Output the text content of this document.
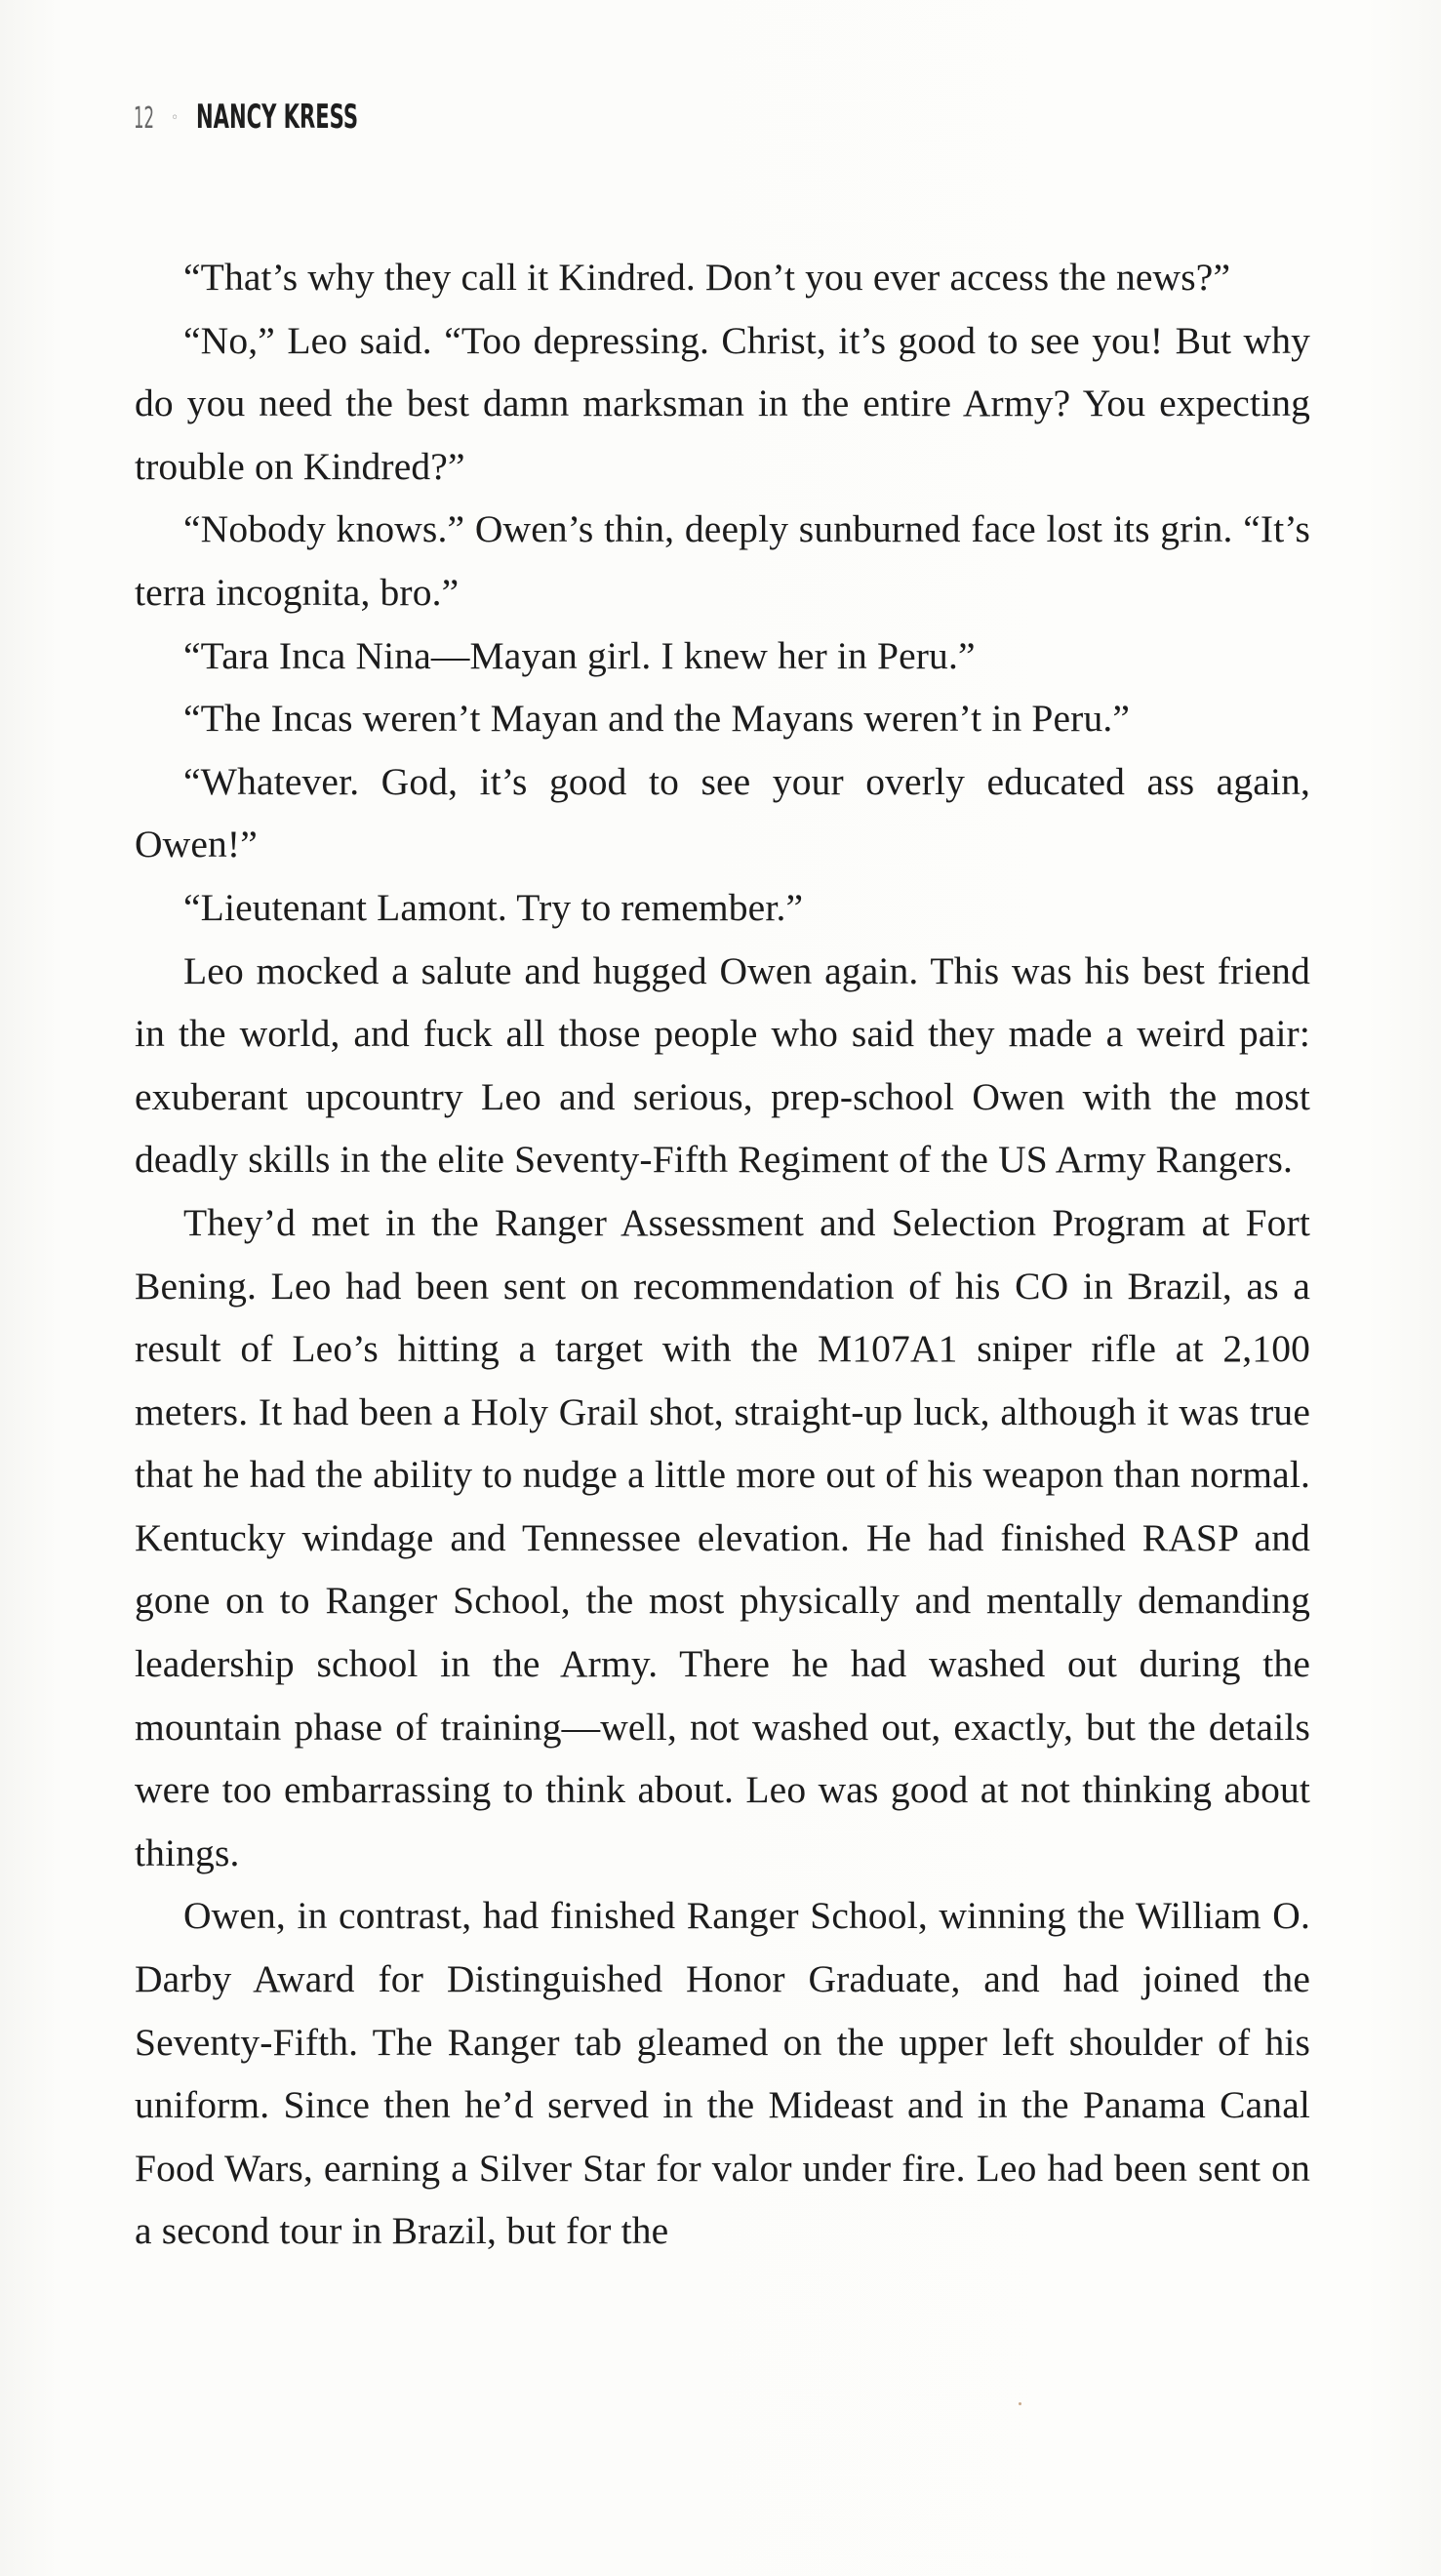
12 ◦ NANCY KRESS

“That’s why they call it Kindred. Don’t you ever access the news?”

“No,” Leo said. “Too depressing. Christ, it’s good to see you! But why do you need the best damn marksman in the entire Army? You expecting trouble on Kindred?”

“Nobody knows.” Owen’s thin, deeply sunburned face lost its grin. “It’s terra incognita, bro.”

“Tara Inca Nina—Mayan girl. I knew her in Peru.”

“The Incas weren’t Mayan and the Mayans weren’t in Peru.”

“Whatever. God, it’s good to see your overly educated ass again, Owen!”

“Lieutenant Lamont. Try to remember.”

Leo mocked a salute and hugged Owen again. This was his best friend in the world, and fuck all those people who said they made a weird pair: exuberant upcountry Leo and serious, prep-school Owen with the most deadly skills in the elite Seventy-Fifth Regiment of the US Army Rangers.

They’d met in the Ranger Assessment and Selection Program at Fort Bening. Leo had been sent on recommendation of his CO in Brazil, as a result of Leo’s hitting a target with the M107A1 sniper rifle at 2,100 meters. It had been a Holy Grail shot, straight-up luck, although it was true that he had the ability to nudge a little more out of his weapon than normal. Kentucky windage and Tennessee elevation. He had finished RASP and gone on to Ranger School, the most physically and mentally demanding leadership school in the Army. There he had washed out during the mountain phase of training—well, not washed out, exactly, but the details were too embarrassing to think about. Leo was good at not thinking about things.

Owen, in contrast, had finished Ranger School, winning the William O. Darby Award for Distinguished Honor Graduate, and had joined the Seventy-Fifth. The Ranger tab gleamed on the upper left shoulder of his uniform. Since then he’d served in the Mideast and in the Panama Canal Food Wars, earning a Silver Star for valor under fire. Leo had been sent on a second tour in Brazil, but for the
